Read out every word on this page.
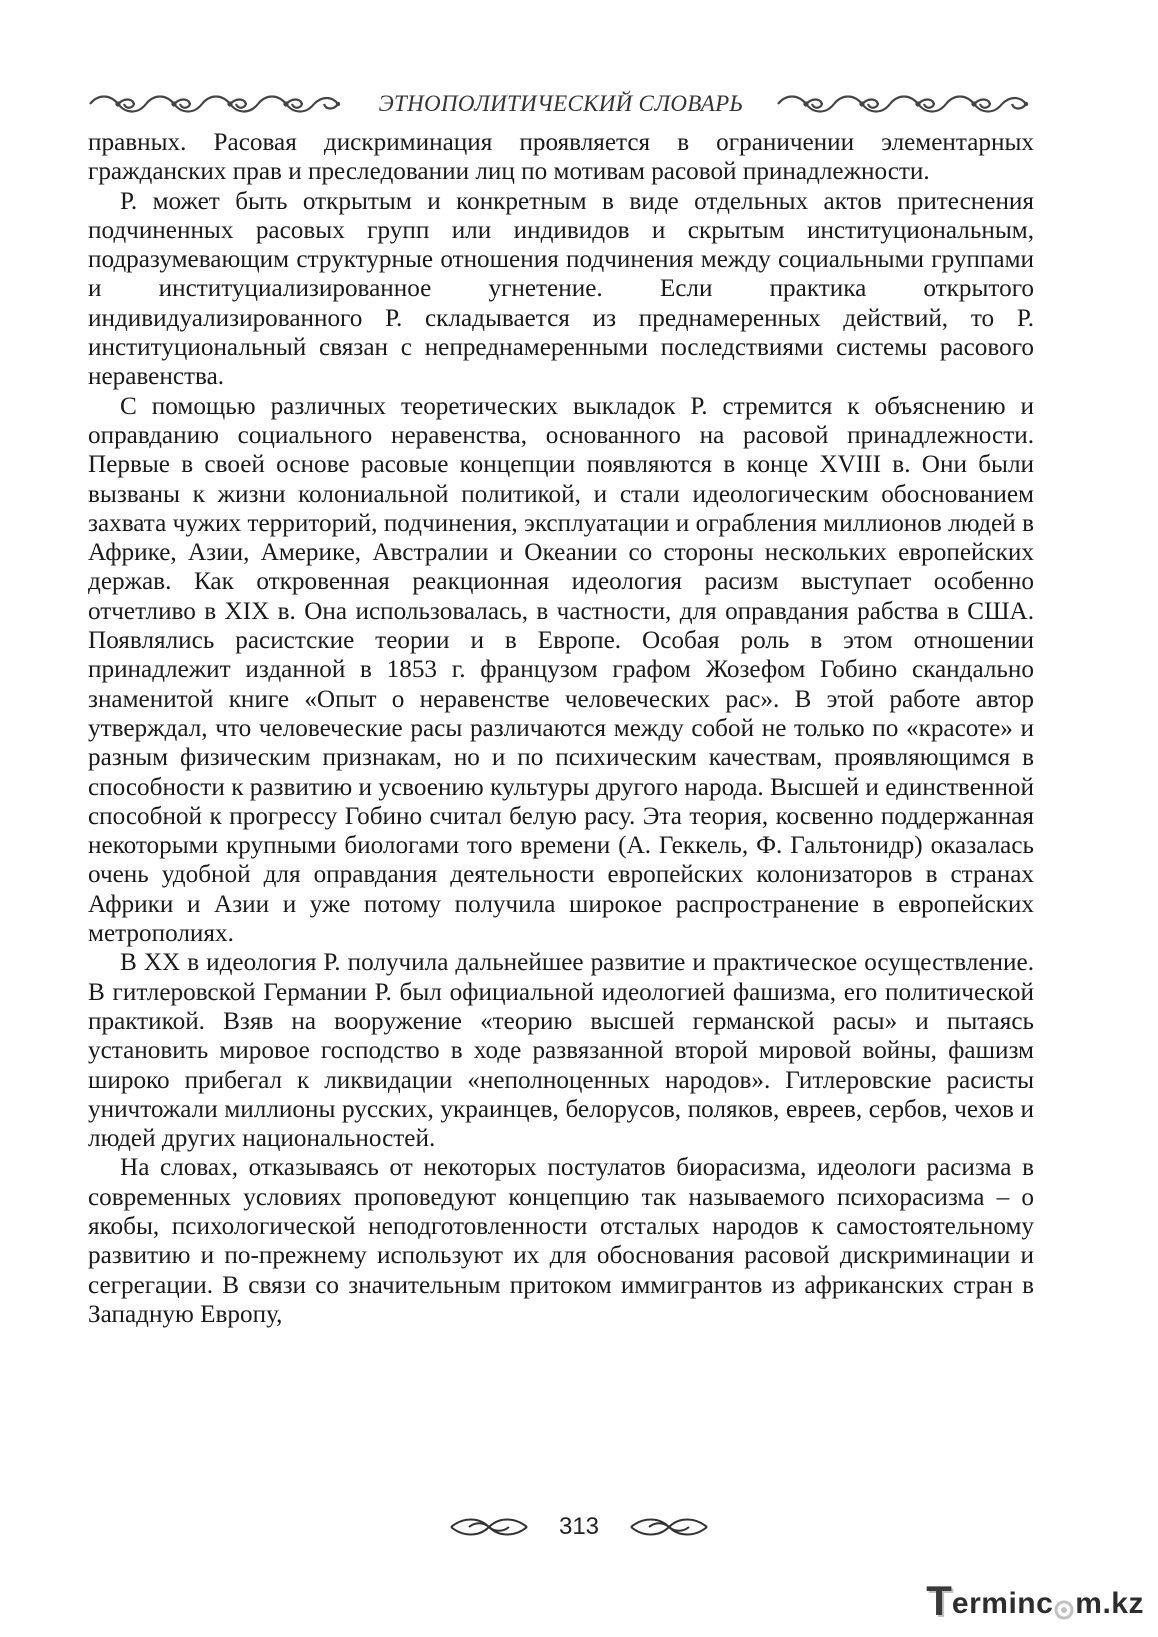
ЭТНОПОЛИТИЧЕСКИЙ СЛОВАРЬ

правных. Расовая дискриминация проявляется в ограничении элементарных гражданских прав и преследовании лиц по мотивам расовой принадлежности.

Р. может быть открытым и конкретным в виде отдельных актов притеснения подчиненных расовых групп или индивидов и скрытым институциональным, подразумевающим структурные отношения подчинения между социальными группами и институциализированное угнетение. Если практика открытого индивидуализированного Р. складывается из преднамеренных действий, то Р. институциональный связан с непреднамеренными последствиями системы расового неравенства.

С помощью различных теоретических выкладок Р. стремится к объяснению и оправданию социального неравенства, основанного на расовой принадлежности. Первые в своей основе расовые концепции появляются в конце XVIII в. Они были вызваны к жизни колониальной политикой, и стали идеологическим обоснованием захвата чужих территорий, подчинения, эксплуатации и ограбления миллионов людей в Африке, Азии, Америке, Австралии и Океании со стороны нескольких европейских держав. Как откровенная реакционная идеология расизм выступает особенно отчетливо в XIX в. Она использовалась, в частности, для оправдания рабства в США. Появлялись расистские теории и в Европе. Особая роль в этом отношении принадлежит изданной в 1853 г. французом графом Жозефом Гобино скандально знаменитой книге «Опыт о неравенстве человеческих рас». В этой работе автор утверждал, что человеческие расы различаются между собой не только по «красоте» и разным физическим признакам, но и по психическим качествам, проявляющимся в способности к развитию и усвоению культуры другого народа. Высшей и единственной способной к прогрессу Гобино считал белую расу. Эта теория, косвенно поддержанная некоторыми крупными биологами того времени (А. Геккель, Ф. Гальтонидр) оказалась очень удобной для оправдания деятельности европейских колонизаторов в странах Африки и Азии и уже потому получила широкое распространение в европейских метрополиях.

В XX в идеология Р. получила дальнейшее развитие и практическое осуществление. В гитлеровской Германии Р. был официальной идеологией фашизма, его политической практикой. Взяв на вооружение «теорию высшей германской расы» и пытаясь установить мировое господство в ходе развязанной второй мировой войны, фашизм широко прибегал к ликвидации «неполноценных народов». Гитлеровские расисты уничтожали миллионы русских, украинцев, белорусов, поляков, евреев, сербов, чехов и людей других национальностей.

На словах, отказываясь от некоторых постулатов биорасизма, идеологи расизма в современных условиях проповедуют концепцию так называемого психорасизма – о якобы, психологической неподготовленности отсталых народов к самостоятельному развитию и по-прежнему используют их для обоснования расовой дискриминации и сегрегации. В связи со значительным притоком иммигрантов из африканских стран в Западную Европу,

313
T erminc m.kz
